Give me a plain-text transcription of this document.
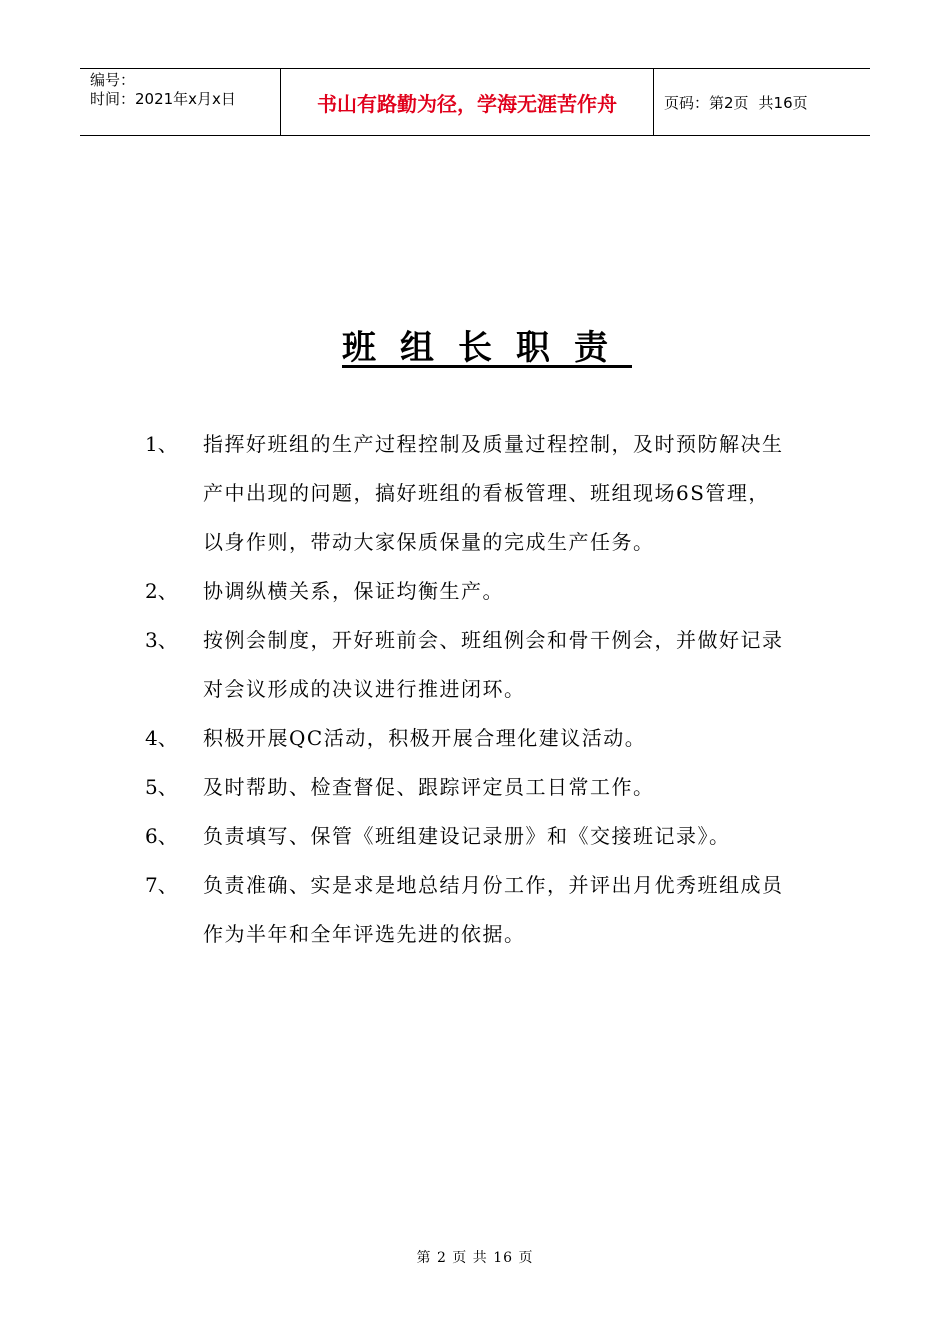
编号：
时间：2021年x月x日	书山有路勤为径，学海无涯苦作舟	页码：第2页 共16页
班组长职责
1、	指挥好班组的生产过程控制及质量过程控制，及时预防解决生
产中出现的问题，搞好班组的看板管理、班组现场6S管理，
以身作则，带动大家保质保量的完成生产任务。
2、	协调纵横关系，保证均衡生产。
3、	按例会制度，开好班前会、班组例会和骨干例会，并做好记录
对会议形成的决议进行推进闭环。
4、	积极开展QC活动，积极开展合理化建议活动。
5、	及时帮助、检查督促、跟踪评定员工日常工作。
6、	负责填写、保管《班组建设记录册》和《交接班记录》。
7、	负责准确、实是求是地总结月份工作，并评出月优秀班组成员
作为半年和全年评选先进的依据。
第 2 页 共 16 页
